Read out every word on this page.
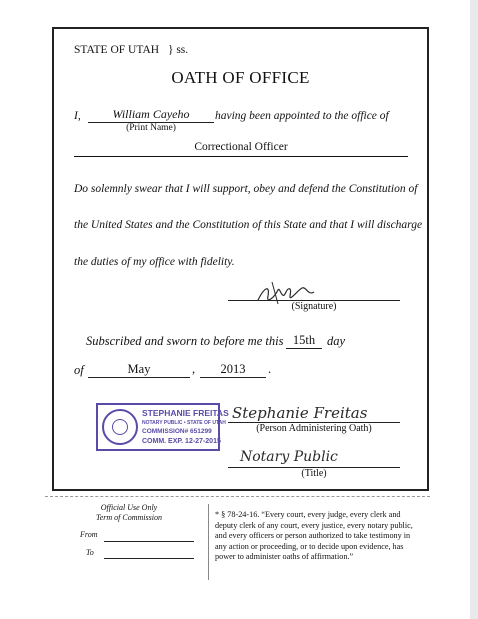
STATE OF UTAH } ss.
OATH OF OFFICE
I,	William Cayeho
(Print Name)
having been appointed to the office of
Correctional Officer
Do solemnly swear that I will support, obey and defend the Constitution of
the United States and the Constitution of this State and that I will discharge
the duties of my office with fidelity.
(Signature)
Subscribed and sworn to before me this 15th day
of	May	,	2013	.
STEPHANIE FREITAS
NOTARY PUBLIC • STATE OF UTAH
COMMISSION# 651299
COMM. EXP. 12-27-2015
Stephanie Freitas
(Person Administering Oath)
Notary Public
(Title)
Official Use Only
Term of Commission
From
To
* § 78-24-16. “Every court, every judge, every clerk and deputy clerk of any court, every justice, every notary public, and every officers or person authorized to take testimony in any action or proceeding, or to decide upon evidence, has power to administer oaths of affirmation.”
